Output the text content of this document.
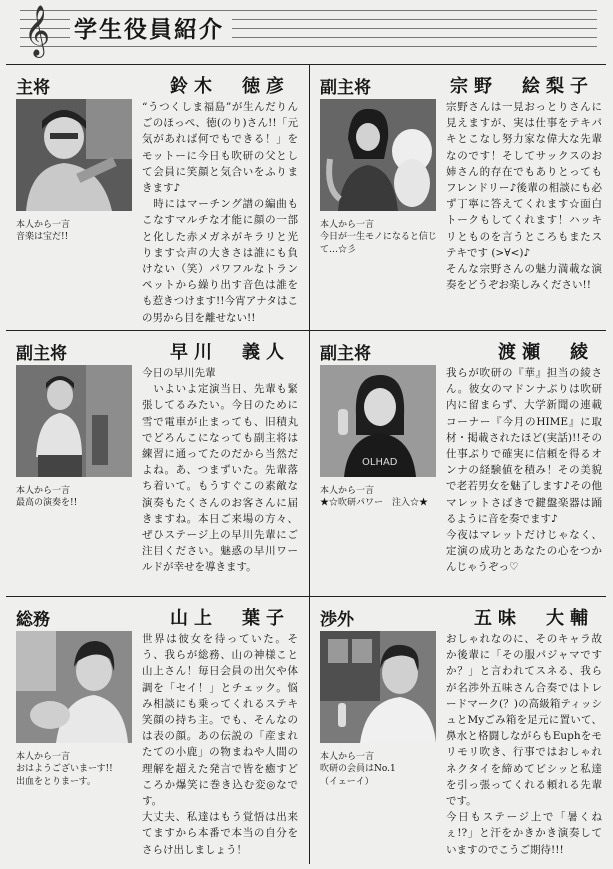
𝄞 学生役員紹介
主将	鈴木　徳彦
本人から一言
音楽は宝だ!!
“うつくしま福島”が生んだりんごのほっぺ、徳(のり)さん!!「元気があれば何でもできる！」をモットーに今日も吹研の父として会員に笑顔と気合いをふりまきます♪
　時にはマーチング譜の編曲もこなすマルチな才能に顔の一部と化した赤メガネがキラリと光ります☆声の大きさは誰にも負けない（笑）パワフルなトランペットから繰り出す音色は誰をも惹きつけます!!今宵アナタはこの男から目を離せない!!
副主将	宗野　絵梨子
本人から一言
今日が一生モノになると信じて…☆彡
宗野さんは一見おっとりさんに見えますが、実は仕事をテキパキとこなし努力家な偉大な先輩なのです！そしてサックスのお姉さん的存在でもありとってもフレンドリー♪後輩の相談にも必ず丁寧に答えてくれます☆面白トークもしてくれます！ハッキリとものを言うところもまたステキです (>∀<)♪
そんな宗野さんの魅力満載な演奏をどうぞお楽しみください!!
副主将	早川　義人
本人から一言
最高の演奏を!!
今日の早川先輩
　いよいよ定演当日、先輩も緊張してるみたい。今日のために雪で電車が止まっても、旧積丸でどろんこになっても副主将は練習に通ってたのだから当然だよね。あ、つまずいた。先輩落ち着いて。もうすぐこの素敵な演奏もたくさんのお客さんに届きますね。本日ご来場の方々、ぜひステージ上の早川先輩にご注目ください。魅惑の早川ワールドが幸せを導きます。
副主将	渡瀬　綾
OLHAD
本人から一言
★☆吹研パワー　注入☆★
我らが吹研の『華』担当の綾さん。彼女のマドンナぶりは吹研内に留まらず、大学新聞の連載コーナー『今月のHIME』に取材・掲載されたほど(実話)!!その仕事ぶりで確実に信頼を得るオンナの経験値を積み！その美貌で老若男女を魅了します♪その他マレットさばきで鍵盤楽器は踊るように音を奏でます♪
今夜はマレットだけじゃなく、定演の成功とあなたの心をつかんじゃうぞっ♡
総務	山上　葉子
本人から一言
おはようございまーす!!
出血をとりまーす。
世界は彼女を待っていた。そう、我らが総務、山の神様こと山上さん！毎日会員の出欠や体調を「セイ！」とチェック。悩み相談にも乗ってくれるステキ笑顔の持ち主。でも、そんなのは表の顔。あの伝説の「産まれたての小鹿」の物まねや人間の理解を超えた発言で皆を癒すどころか爆笑に巻き込む変◎なです。
大丈夫、私達はもう覚悟は出来てますから本番で本当の自分をさらけ出しましょう！
渉外	五味　大輔
本人から一言
吹研の会員はNo.1
（イェーイ）
おしゃれなのに、そのキャラ故か後輩に「その服パジャマですか？」と言われてスネる、我らが名渉外五味さん合奏ではトレードマーク(？)の高級箱ティッシュとMyごみ箱を足元に置いて、鼻水と格闘しながらもEuphをモリモリ吹き、行事ではおしゃれネクタイを締めてビシッと私達を引っ張ってくれる頼れる先輩です。
今日もステージ上で「暑くねぇ!?」と汗をかきかき演奏していますのでこうご期待!!!
